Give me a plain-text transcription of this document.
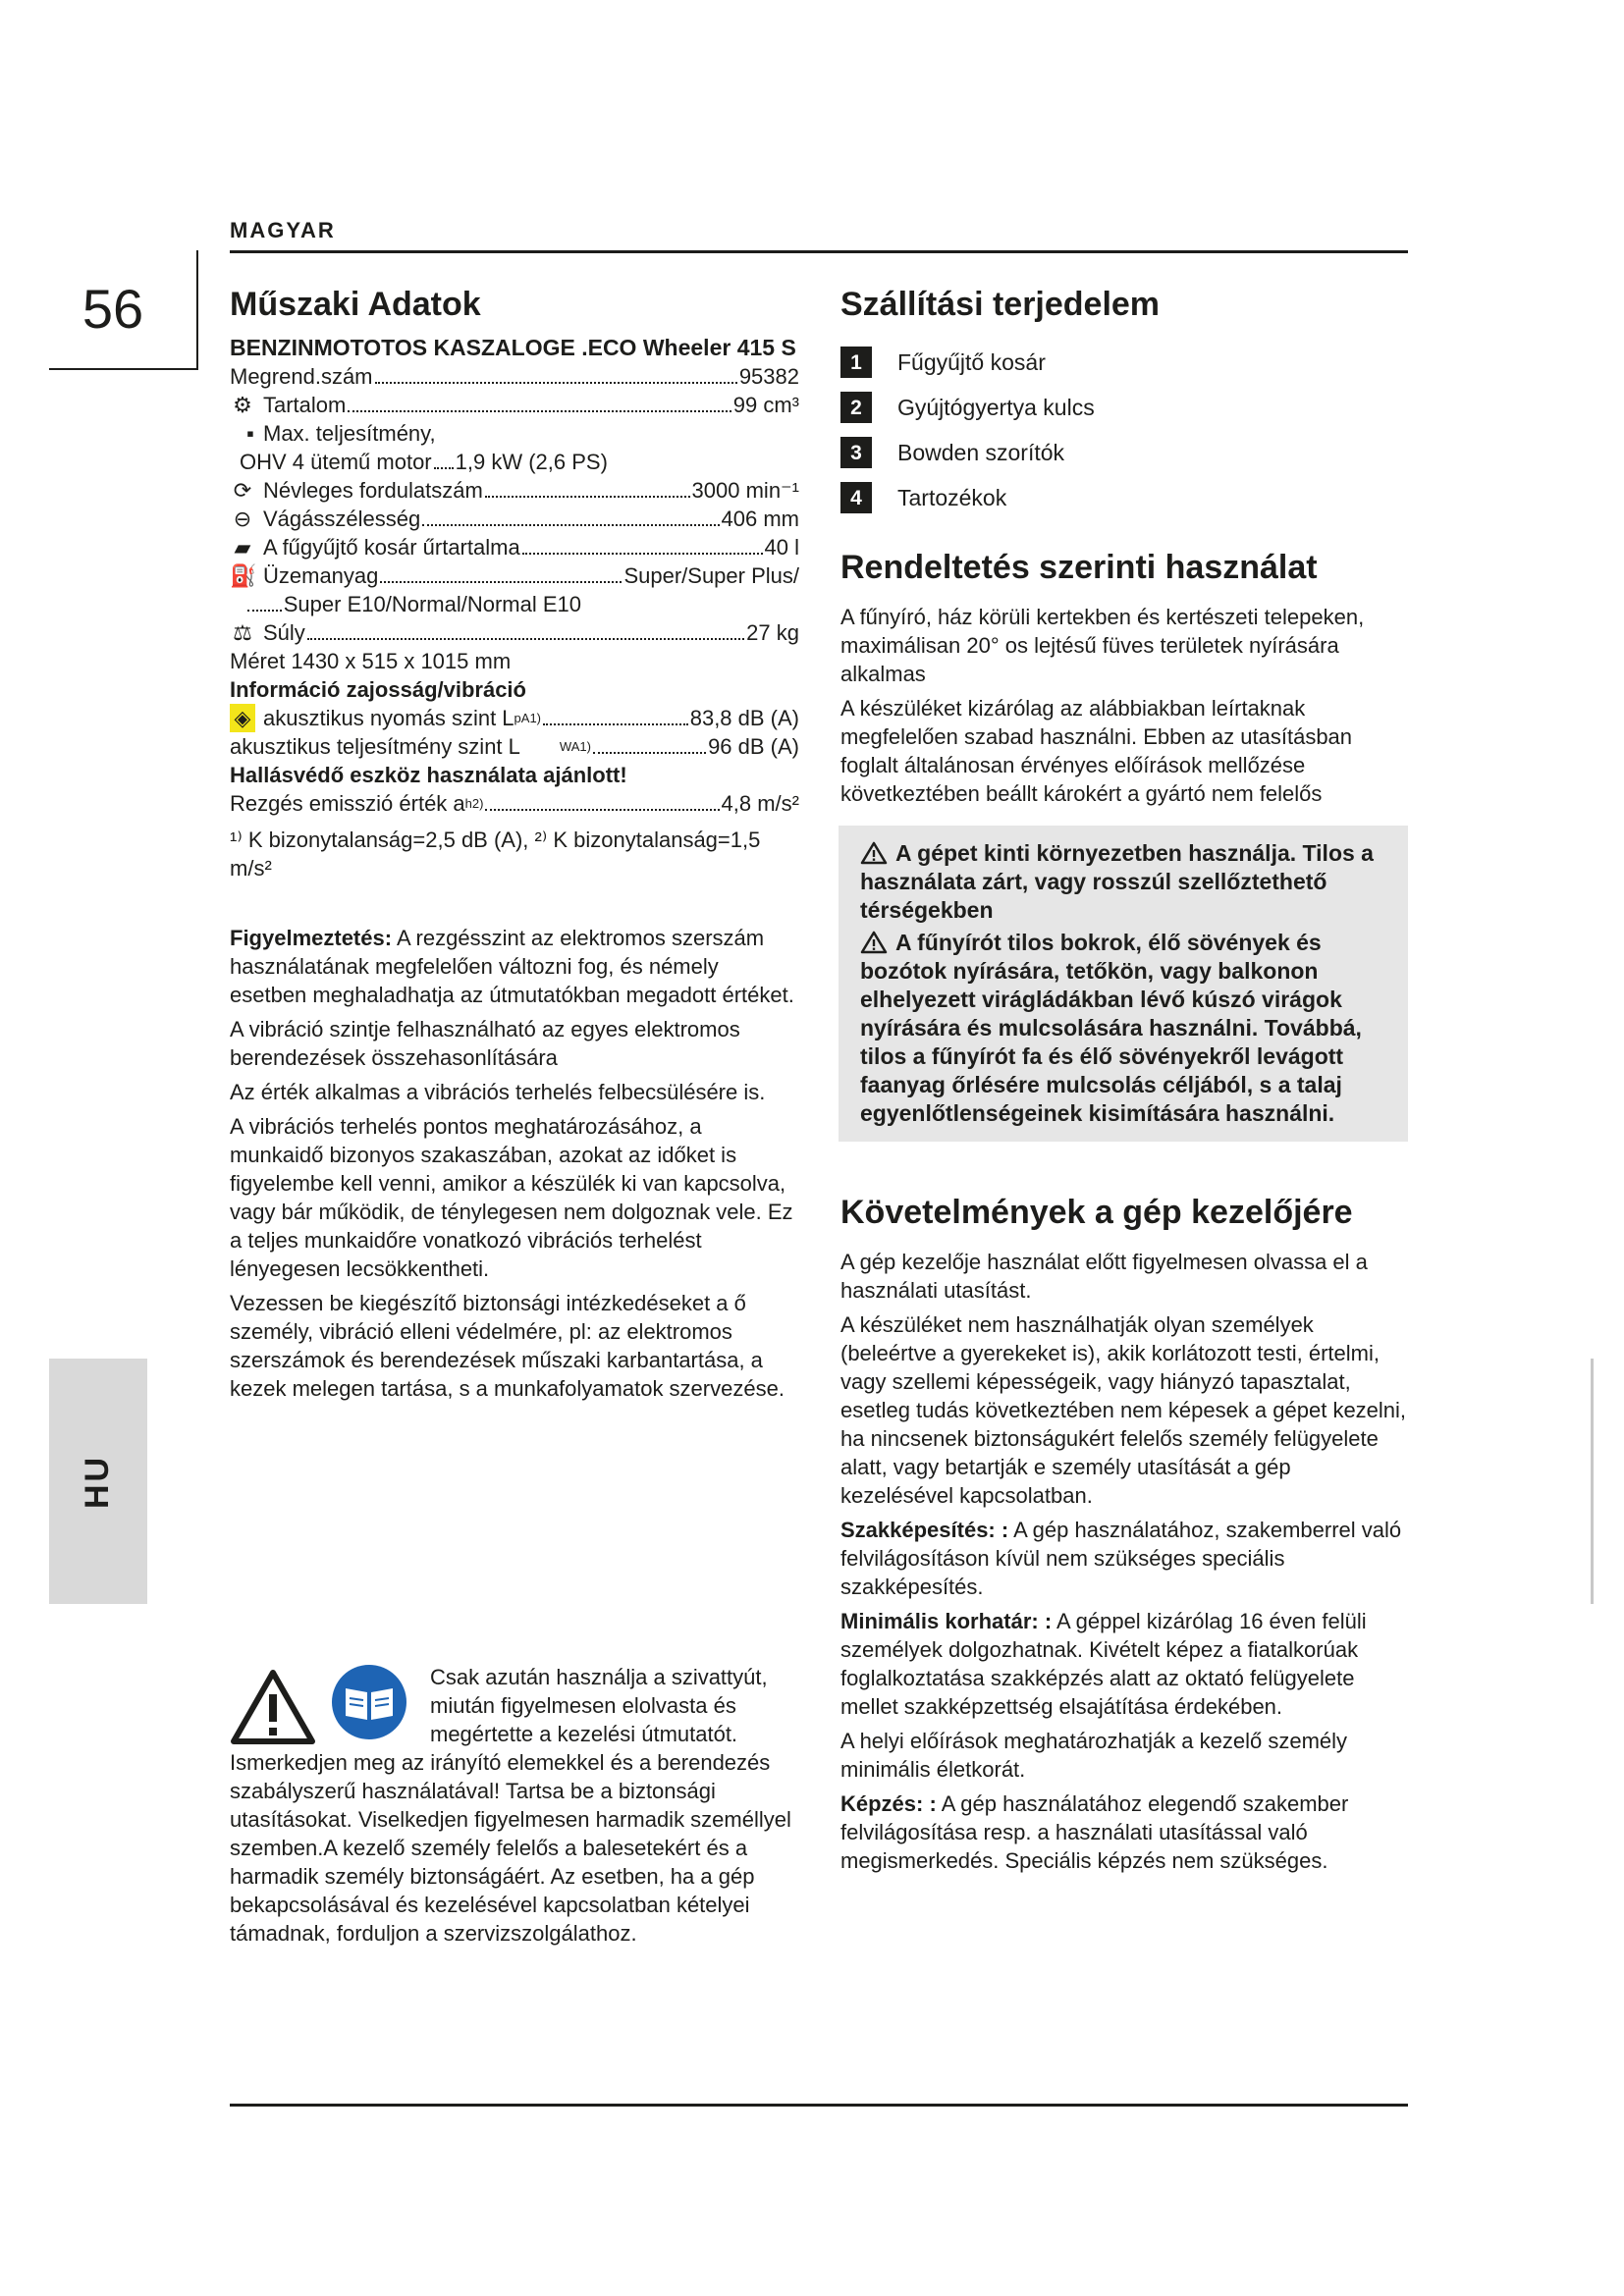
MAGYAR
56
HU
Műszaki Adatok
BENZINMOTOTOS KASZALOGE .ECO Wheeler 415 S
Megrend.szám	95382
⚙ Tartalom	99 cm³
▪ Max. teljesítmény,
OHV 4 ütemű motor 1,9 kW (2,6 PS)
⟳ Névleges fordulatszám	3000 min⁻¹
⊖ Vágásszélesség	406 mm
▰ A fűgyűjtő kosár űrtartalma	40 l
⛽ Üzemanyag	Super/Super Plus/
Super E10/Normal/Normal E10
⚖ Súly	27 kg
Méret 1430 x 515 x 1015 mm
Információ zajosság/vibráció
◈ akusztikus nyomás szint L pA 1)	83,8 dB (A)
akusztikus teljesítmény szint L	WA 1)	96 dB (A)
Hallásvédő eszköz használata ajánlott!
Rezgés emisszió érték a h 2)	4,8 m/s²
¹⁾ K bizonytalanság=2,5 dB (A), ²⁾ K bizonytalanság=1,5 m/s²

Figyelmeztetés: A rezgésszint az elektromos szerszám használatának megfelelően változni fog, és némely esetben meghaladhatja az útmutatókban megadott értéket.

A vibráció szintje felhasználható az egyes elektromos berendezések összehasonlítására

Az érték alkalmas a vibrációs terhelés felbecsülésére is.

A vibrációs terhelés pontos meghatározásához, a munkaidő bizonyos szakaszában, azokat az időket is figyelembe kell venni, amikor a készülék ki van kapcsolva, vagy bár működik, de ténylegesen nem dolgoznak vele. Ez a teljes munkaidőre vonatkozó vibrációs terhelést lényegesen lecsökkentheti.

Vezessen be kiegészítő biztonsági intézkedéseket a ő személy, vibráció elleni védelmére, pl: az elektromos szerszámok és berendezések műszaki karbantartása, a kezek melegen tartása, s a munkafolyamatok szervezése.

Csak azután használja a szivattyút, miután figyelmesen elolvasta és megértette a kezelési útmutatót.
Ismerkedjen meg az irányító elemekkel és a berendezés szabályszerű használatával! Tartsa be a biztonsági utasításokat. Viselkedjen figyelmesen harmadik személlyel szemben.A kezelő személy felelős a balesetekért és a harmadik személy biztonságáért. Az esetben, ha a gép bekapcsolásával és kezelésével kapcsolatban kételyei támadnak, forduljon a szervizszolgálathoz.
Szállítási terjedelem
1	Fűgyűjtő kosár
2	Gyújtógyertya kulcs
3	Bowden szorítók
4	Tartozékok
Rendeltetés szerinti használat

A fűnyíró, ház körüli kertekben és kertészeti telepeken, maximálisan 20° os lejtésű füves területek nyírására alkalmas

A készüléket kizárólag az alábbiakban leírtaknak megfelelően szabad használni. Ebben az utasításban foglalt általánosan érvényes előírások mellőzése következtében beállt károkért a gyártó nem felelős

A gépet kinti környezetben használja. Tilos a használata zárt, vagy rosszúl szellőztethető térségekben
A fűnyírót tilos bokrok, élő sövények és bozótok nyírására, tetőkön, vagy balkonon elhelyezett virágládákban lévő kúszó virágok nyírására és mulcsolására használni. Továbbá, tilos a fűnyírót fa és élő sövényekről levágott faanyag őrlésére mulcsolás céljából, s a talaj egyenlőtlenségeinek kisimítására használni.
Követelmények a gép kezelőjére

A gép kezelője használat előtt figyelmesen olvassa el a használati utasítást.

A készüléket nem használhatják olyan személyek (beleértve a gyerekeket is), akik korlátozott testi, értelmi, vagy szellemi képességeik, vagy hiányzó tapasztalat, esetleg tudás következtében nem képesek a gépet kezelni, ha nincsenek biztonságukért felelős személy felügyelete alatt, vagy betartják e személy utasítását a gép kezelésével kapcsolatban.

Szakképesítés: : A gép használatához, szakemberrel való felvilágosításon kívül nem szükséges speciális szakképesítés.

Minimális korhatár: : A géppel kizárólag 16 éven felüli személyek dolgozhatnak. Kivételt képez a fiatalkorúak foglalkoztatása szakképzés alatt az oktató felügyelete mellet szakképzettség elsajátítása érdekében.

A helyi előírások meghatározhatják a kezelő személy minimális életkorát.

Képzés: : A gép használatához elegendő szakember felvilágosítása resp. a használati utasítással való megismerkedés. Speciális képzés nem szükséges.
